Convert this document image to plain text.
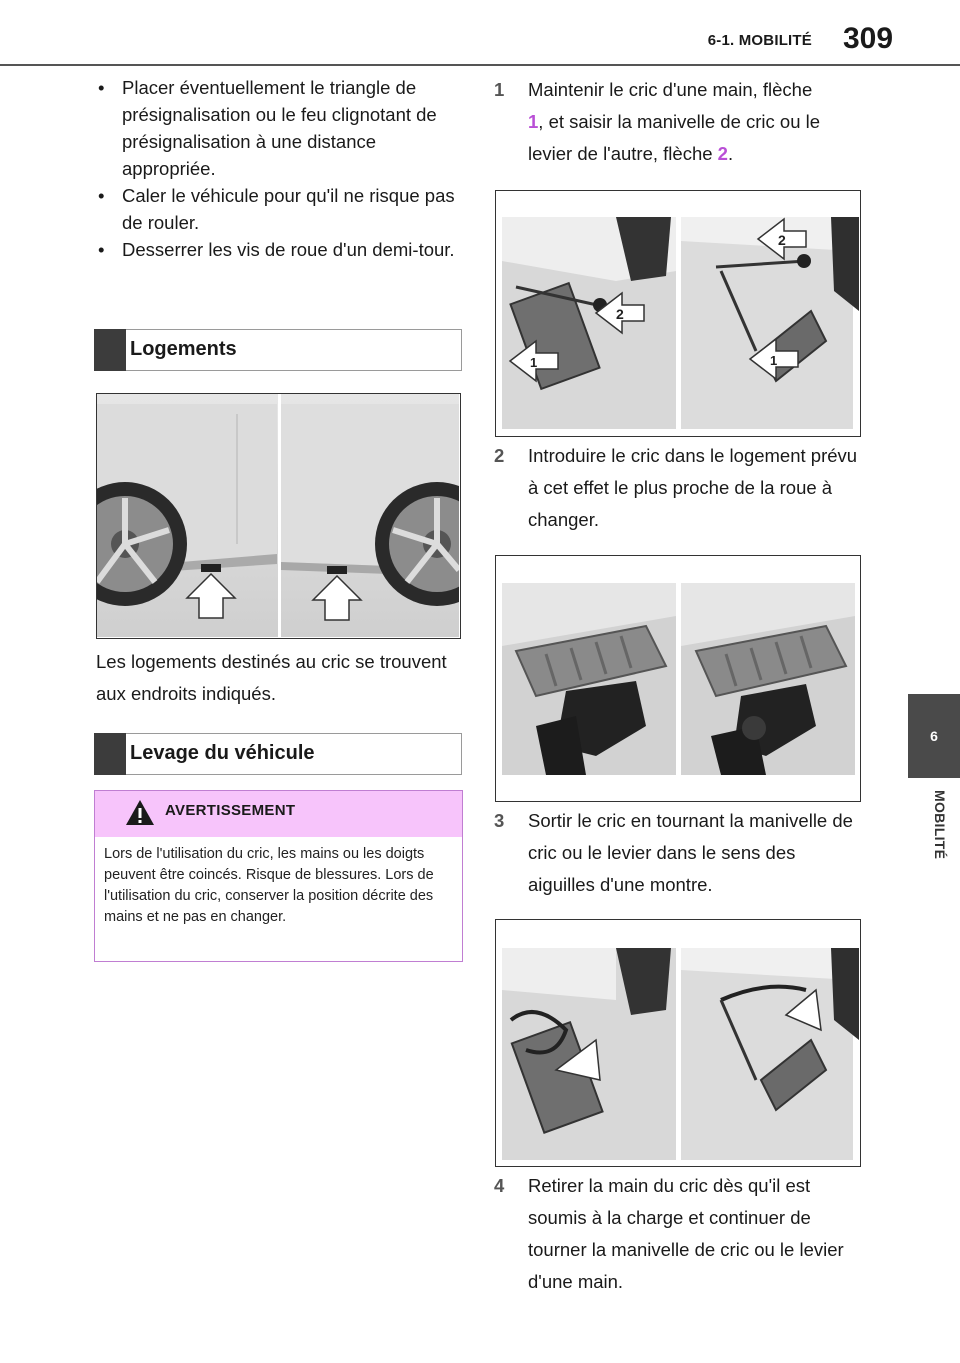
6-1. MOBILITÉ	309
6
MOBILITÉ
• Placer éventuellement le triangle de présignalisation ou le feu clignotant de présignalisation à une distance appropriée.
• Caler le véhicule pour qu'il ne risque pas de rouler.
• Desserrer les vis de roue d'un demi-tour.
Logements
Les logements destinés au cric se trouvent aux endroits indiqués.
Levage du véhicule
AVERTISSEMENT
Lors de l'utilisation du cric, les mains ou les doigts peuvent être coincés. Risque de blessures. Lors de l'utilisation du cric, conserver la position décrite des mains et ne pas en changer.
1	Maintenir le cric d'une main, flèche
1, et saisir la manivelle de cric ou le levier de l'autre, flèche 2.
1	1
2
2
2	Introduire le cric dans le logement prévu à cet effet le plus proche de la roue à changer.
3	Sortir le cric en tournant la manivelle de cric ou le levier dans le sens des aiguilles d'une montre.
4	Retirer la main du cric dès qu'il est soumis à la charge et continuer de tourner la manivelle de cric ou le levier d'une main.
